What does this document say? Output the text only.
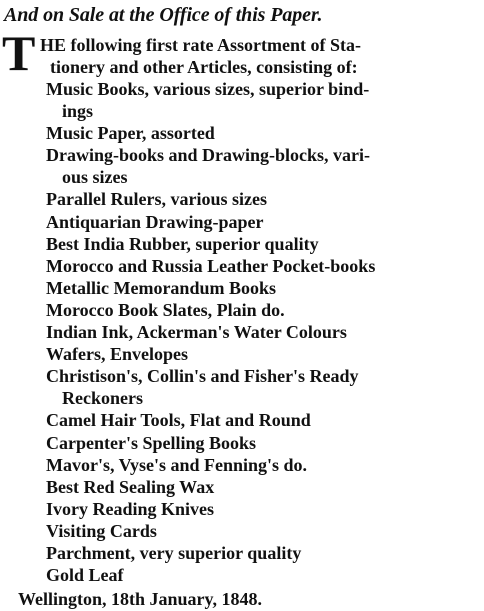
And on Sale at the Office of this Paper.
T HE following first rate Assortment of Sta-
tionery and other Articles, consisting of:
Music Books, various sizes, superior bind-
ings
Music Paper, assorted
Drawing-books and Drawing-blocks, vari-
ous sizes
Parallel Rulers, various sizes
Antiquarian Drawing-paper
Best India Rubber, superior quality
Morocco and Russia Leather Pocket-books
Metallic Memorandum Books
Morocco Book Slates, Plain do.
Indian Ink, Ackerman's Water Colours
Wafers, Envelopes
Christison's, Collin's and Fisher's Ready
Reckoners
Camel Hair Tools, Flat and Round
Carpenter's Spelling Books
Mavor's, Vyse's and Fenning's do.
Best Red Sealing Wax
Ivory Reading Knives
Visiting Cards
Parchment, very superior quality
Gold Leaf
Wellington, 18th January, 1848.
